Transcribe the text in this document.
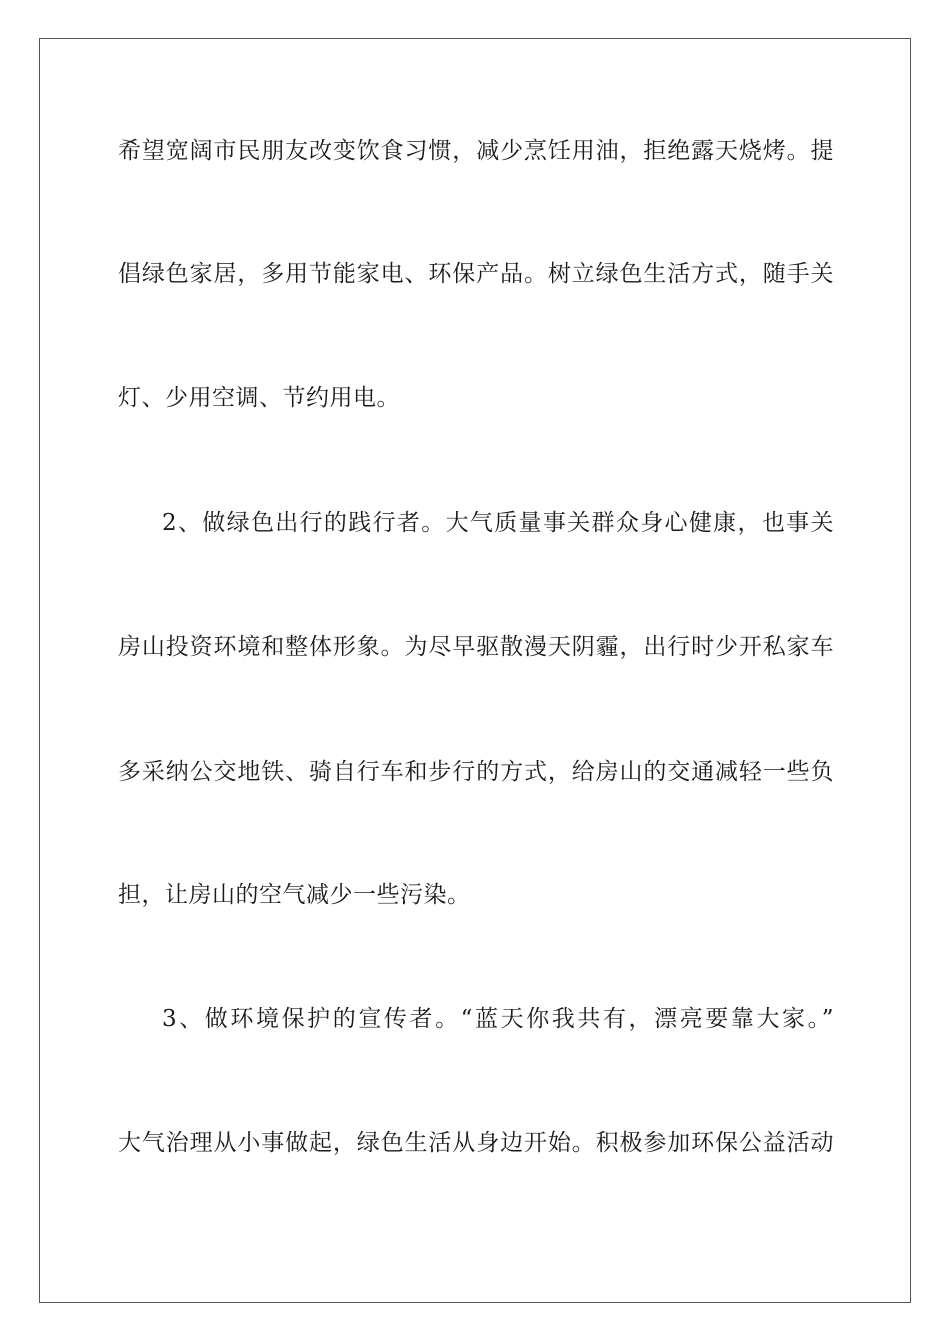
希望宽阔市民朋友改变饮食习惯，减少烹饪用油，拒绝露天烧烤。提
倡绿色家居，多用节能家电、环保产品。树立绿色生活方式，随手关
灯、少用空调、节约用电。
2、做绿色出行的践行者。大气质量事关群众身心健康，也事关
房山投资环境和整体形象。为尽早驱散漫天阴霾，出行时少开私家车
多采纳公交地铁、骑自行车和步行的方式，给房山的交通减轻一些负
担，让房山的空气减少一些污染。
3、做环境保护的宣传者。“蓝天你我共有，漂亮要靠大家。”
大气治理从小事做起，绿色生活从身边开始。积极参加环保公益活动
